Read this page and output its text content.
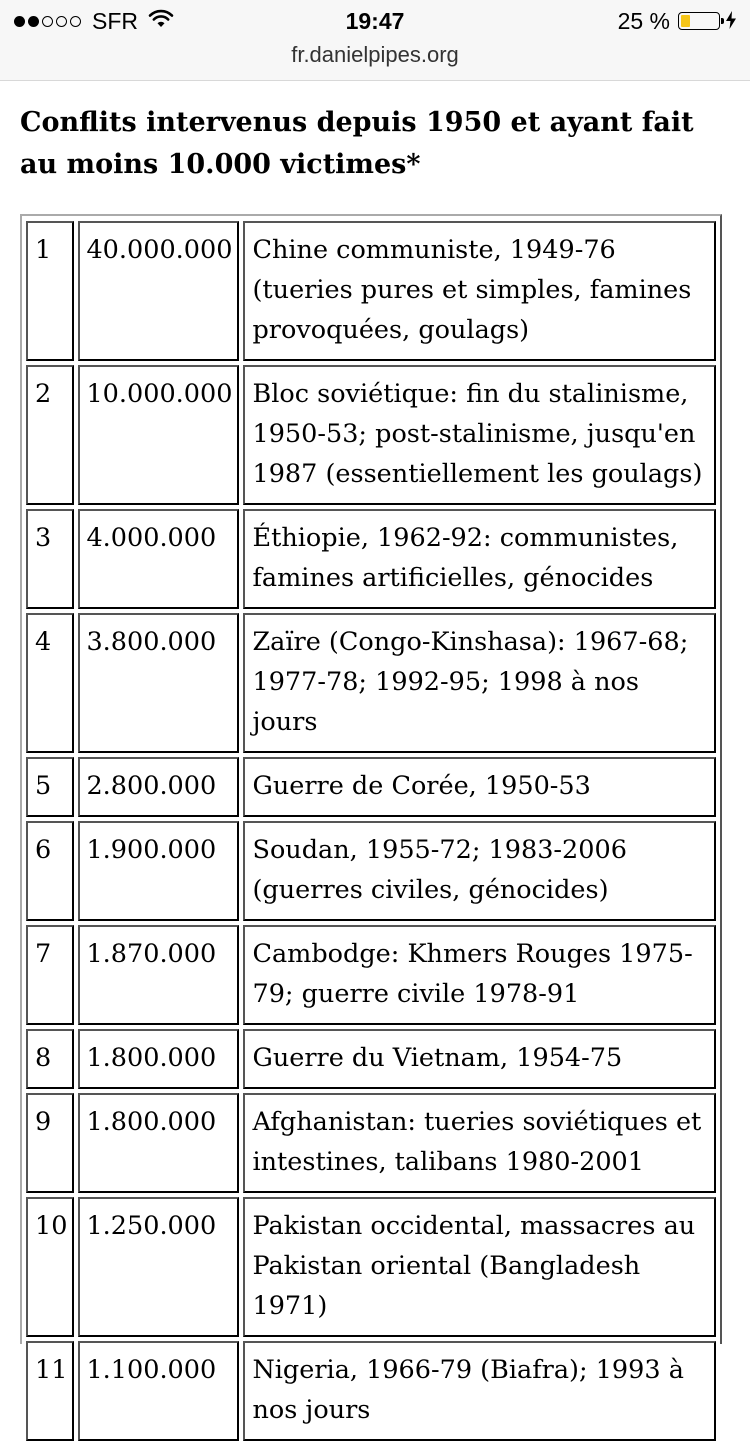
SFR	19:47	25 %
fr.danielpipes.org
Conflits intervenus depuis 1950 et ayant fait au moins 10.000 victimes*
1	40.000.000	Chine communiste, 1949-76 (tueries pures et simples, famines provoquées, goulags)
2	10.000.000	Bloc soviétique: fin du stalinisme, 1950-53; post-stalinisme, jusqu'en 1987 (essentiellement les goulags)
3	4.000.000	Éthiopie, 1962-92: communistes, famines artificielles, génocides
4	3.800.000	Zaïre (Congo-Kinshasa): 1967-68; 1977-78; 1992-95; 1998 à nos jours
5	2.800.000	Guerre de Corée, 1950-53
6	1.900.000	Soudan, 1955-72; 1983-2006 (guerres civiles, génocides)
7	1.870.000	Cambodge: Khmers Rouges 1975-79; guerre civile 1978-91
8	1.800.000	Guerre du Vietnam, 1954-75
9	1.800.000	Afghanistan: tueries soviétiques et intestines, talibans 1980-2001
10	1.250.000	Pakistan occidental, massacres au Pakistan oriental (Bangladesh 1971)
11	1.100.000	Nigeria, 1966-79 (Biafra); 1993 à nos jours
